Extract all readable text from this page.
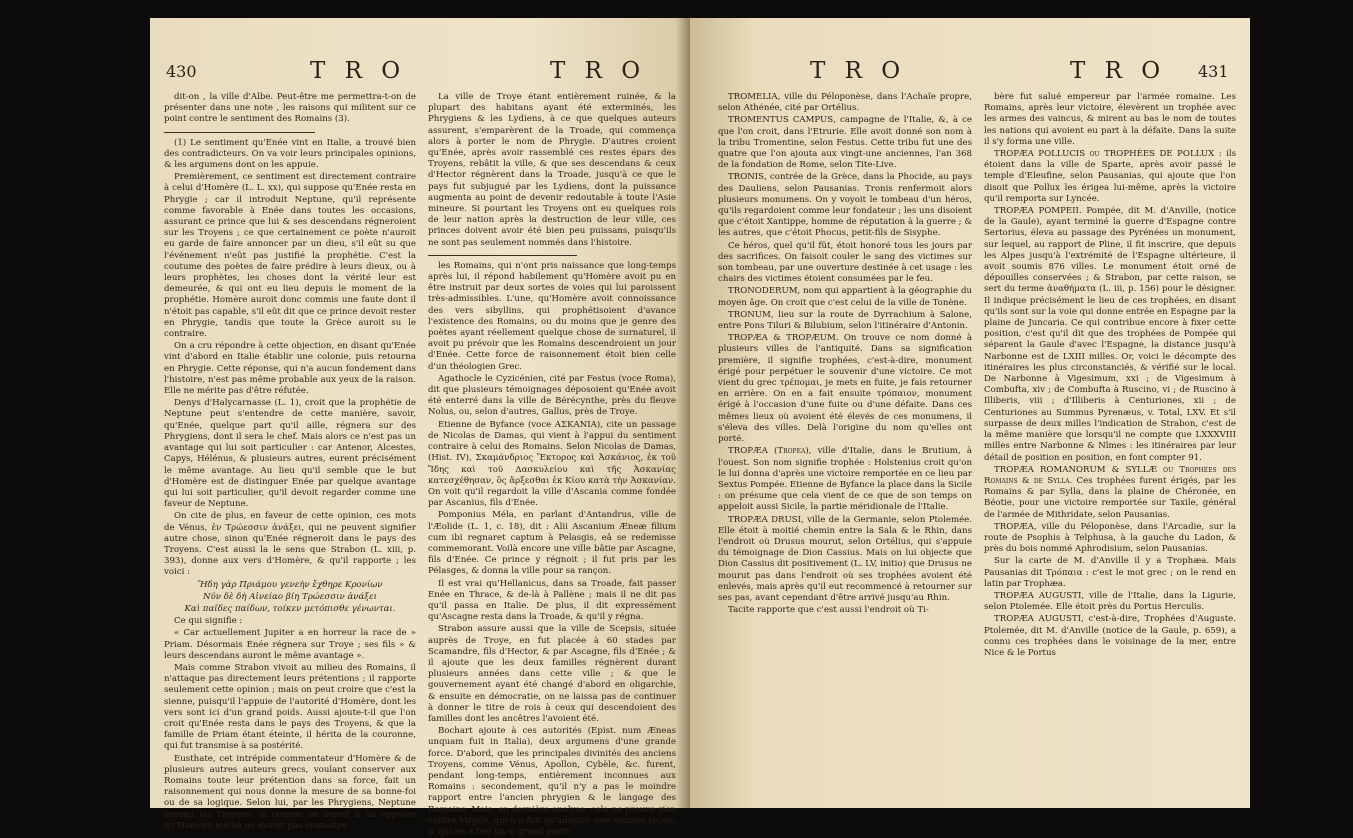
430	T R O	T R O

dit-on , la ville d'Albe. Peut-être me permettra-t-on de présenter dans une note , les raisons qui militent sur ce point contre le sentiment des Romains (3).

(1) Le sentiment qu'Enée vint en Italie, a trouvé bien des contradicteurs. On va voir leurs principales opinions, & les argumens dont on les appuie.

Premièrement, ce sentiment est directement contraire à celui d'Homère (L. L. xx), qui suppose qu'Enée resta en Phrygie ; car il introduit Neptune, qu'il représente comme favorable à Enée dans toutes les occasions, assurant ce prince que lui & ses descendans régneroient sur les Troyens ; ce que certainement ce poète n'auroit eu garde de faire annoncer par un dieu, s'il eût su que l'événement n'eût pas justifié la prophétie. C'est la coutume des poètes de faire prédire à leurs dieux, ou à leurs prophètes, les choses dont la vérité leur est demeurée, & qui ont eu lieu depuis le moment de la prophétie. Homère auroit donc commis une faute dont il n'étoit pas capable, s'il eût dit que ce prince devoit rester en Phrygie, tandis que toute la Grèce auroit su le contraire.

On a cru répondre à cette objection, en disant qu'Enée vint d'abord en Italie établir une colonie, puis retourna en Phrygie. Cette réponse, qui n'a aucun fondement dans l'histoire, n'est pas même probable aux yeux de la raison. Elle ne mérite pas d'être réfutée.

Denys d'Halycarnasse (L. 1), croit que la prophétie de Neptune peut s'entendre de cette manière, savoir, qu'Enée, quelque part qu'il aille, régnera sur des Phrygiens, dont il sera le chef. Mais alors ce n'est pas un avantage qui lui soit particulier : car Antenor, Alcestes, Capys, Hélénus, & plusieurs autres, eurent précisément le même avantage. Au lieu qu'il semble que le but d'Homère est de distinguer Enée par quelque avantage qui lui soit particulier, qu'il devoit regarder comme une faveur de Neptune.

On cite de plus, en faveur de cette opinion, ces mots de Vénus, ἐν Τρώεσσιν ἀνάξει, qui ne peuvent signifier autre chose, sinon qu'Enée régneroit dans le pays des Troyens. C'est aussi la le sens que Strabon (L. xiii, p. 393), donne aux vers d'Homère, & qu'il rapporte ; les voici :

Ἤδη γὰρ Πριάμου γενεὴν ἔχθηρε Κρονίων

Νῦν δὲ δὴ Αἰνείαο βίη Τρώεσσιν ἀνάξει

Καὶ παῖδες παίδων, τοίκεν μετόπισθε γένωνται.

Ce qui signifie :

« Car actuellement Jupiter a en horreur la race de » Priam. Désormais Enée régnera sur Troye ; ses fils » & leurs descendans auront le même avantage ».

Mais comme Strabon vivoit au milieu des Romains, il n'attaque pas directement leurs prétentions ; il rapporte seulement cette opinion ; mais on peut croire que c'est la sienne, puisqu'il l'appuie de l'autorité d'Homère, dont les vers sont ici d'un grand poids. Aussi ajoute-t-il que l'on croit qu'Enée resta dans le pays des Troyens, & que la famille de Priam étant éteinte, il hérita de la couronne, qui fut transmise à sa postérité.

Eusthate, cet intrépide commentateur d'Homère & de plusieurs autres auteurs grecs, voulant conserver aux Romains toute leur prétention dans sa force, fait un raisonnement qui nous donne la mesure de sa bonne-foi ou de sa logique. Selon lui, par les Phrygiens, Neptune entend les Troyens, & comme on auroit à lui opposer qu'Homère même ne devoit pas connoître

La ville de Troye étant entièrement ruinée, & la plupart des habitans ayant été exterminés, les Phrygiens & les Lydiens, à ce que quelques auteurs assurent, s'emparèrent de la Troade, qui commença alors à porter le nom de Phrygie. D'autres croient qu'Enée, après avoir rassemblé ces restes épars des Troyens, rebâtit la ville, & que ses descendans & ceux d'Hector régnèrent dans la Troade, jusqu'à ce que le pays fut subjugué par les Lydiens, dont la puissance augmenta au point de devenir redoutable à toute l'Asie mineure. Si pourtant les Troyens ont eu quelques rois de leur nation après la destruction de leur ville, ces princes doivent avoir été bien peu puissans, puisqu'ils ne sont pas seulement nommés dans l'histoire.

les Romains, qui n'ont pris naissance que long-temps après lui, il répond habilement qu'Homère avoit pu en être instruit par deux sortes de voies qui lui paroissent très-admissibles. L'une, qu'Homère avoit connoissance des vers sibyllins, qui prophétisoient d'avance l'existence des Romains, ou du moins que je genre des poètes ayant réellement quelque chose de surnaturel, il avoit pu prévoir que les Romains descendroient un jour d'Enée. Cette force de raisonnement étoit bien celle d'un théologien Grec.

Agathocle le Cyzicénien, cité par Festus (voce Roma), dit que plusieurs témoignages déposoient qu'Enée avoit été enterré dans la ville de Bérécynthe, près du fleuve Nolus, ou, selon d'autres, Gallus, près de Troye.

Etienne de Byfance (voce ΑΣΚΑΝΙΑ), cite un passage de Nicolas de Damas, qui vient à l'appui du sentiment contraire à celui des Romains. Selon Nicolas de Damas, (Hist. IV), Σκαμάνδριος Ἕκτορος καὶ Ἀσκάνιος, ἐκ τοῦ Ἴδης καὶ τοῦ Δασκυλείου καὶ τῆς Ἀσκανίας κατεσχέθησαν, ὃς ἄρξεσθαι ἐκ Κίου κατὰ τὴν Ἀσκανίαν. On voit qu'il regardoit la ville d'Ascania comme fondée par Ascanius, fils d'Enée.

Pomponius Méla, en parlant d'Antandrus, ville de l'Æolide (L. 1, c. 18), dit : Alii Ascanium Æneæ filium cum ibi regnaret captum à Pelasgis, eâ se redemisse commemorant. Voilà encore une ville bâtie par Ascagne, fils d'Enée. Ce prince y régnoit ; il fut pris par les Pélasges, & donna la ville pour sa rançon.

Il est vrai qu'Hellanicus, dans sa Troade, fait passer Enée en Thrace, & de-là à Pallène ; mais il ne dit pas qu'il passa en Italie. De plus, il dit expressément qu'Ascagne resta dans la Troade, & qu'il y régna.

Strabon assure aussi que la ville de Scepsis, située auprès de Troye, en fut placée à 60 stades par Scamandre, fils d'Hector, & par Ascagne, fils d'Enée ; & il ajoute que les deux familles régnèrent durant plusieurs années dans cette ville ; & que le gouvernement ayant été changé d'abord en oligarchie, & ensuite en démocratie, on ne laissa pas de continuer à donner le titre de rois à ceux qui descendoient des familles dont les ancêtres l'avoient été.

Bochart ajoute à ces autorités (Epist. num Æneas unquam fuit in Italia), deux argumens d'une grande force. D'abord, que les principales divinités des anciens Troyens, comme Vénus, Apollon, Cybèle, &c. furent, pendant long-temps, entièrement inconnues aux Romains : secondement, qu'il n'y a pas le moindre rapport entre l'ancien phrygien & le langage des Romains. Mais, en dernière analyse, cela ne prouve rien contre Virgile, qui n'a fait qu'adopter une opinion reçue, & qui en a tiré un si grand parti.

T R O	T R O 431

TROMELIA, ville du Péloponèse, dans l'Achaïe propre, selon Athénée, cité par Ortélius.

TROMENTUS CAMPUS, campagne de l'Italie, &, à ce que l'on croit, dans l'Etrurie. Elle avoit donné son nom à la tribu Tromentine, selon Festus. Cette tribu fut une des quatre que l'on ajouta aux vingt-une anciennes, l'an 368 de la fondation de Rome, selon Tite-Live.

TRONIS, contrée de la Grèce, dans la Phocide, au pays des Dauliens, selon Pausanias. Tronis renfermoit alors plusieurs monumens. On y voyoit le tombeau d'un héros, qu'ils regardoient comme leur fondateur ; les uns disoient que c'étoit Xantippe, homme de réputation à la guerre ; & les autres, que c'étoit Phocus, petit-fils de Sisyphe.

Ce héros, quel qu'il fût, étoit honoré tous les jours par des sacrifices. On faisoit couler le sang des victimes sur son tombeau, par une ouverture destinée à cet usage : les chairs des victimes étoient consumées par le feu.

TRONODERUM, nom qui appartient à la géographie du moyen âge. On croit que c'est celui de la ville de Tonène.

TRONUM, lieu sur la route de Dyrrachium à Salone, entre Pons Tiluri & Bilubium, selon l'itinéraire d'Antonin.

TROPÆA & TROPÆUM. On trouve ce nom donné à plusieurs villes de l'antiquité. Dans sa signification première, il signifie trophées, c'est-à-dire, monument érigé pour perpétuer le souvenir d'une victoire. Ce mot vient du grec τρέπομαι, je mets en fuite, je fais retourner en arrière. On en a fait ensuite τρόπαιον, monument érigé à l'occasion d'une fuite ou d'une défaite. Dans ces mêmes lieux où avoient été élevés de ces monumens, il s'éleva des villes. Delà l'origine du nom qu'elles ont porté.

TROPÆA (Tropea), ville d'Italie, dans le Brutium, à l'ouest. Son nom signifie trophée : Holstenius croit qu'on le lui donna d'après une victoire remportée en ce lieu par Sextus Pompée. Etienne de Byfance la place dans la Sicile : on présume que cela vient de ce que de son temps on appeloit aussi Sicile, la partie méridionale de l'Italie.

TROPÆA DRUSI, ville de la Germanie, selon Ptolemée. Elle étoit à moitié chemin entre la Sala & le Rhin, dans l'endroit où Drusus mourut, selon Ortélius, qui s'appuie du témoignage de Dion Cassius. Mais on lui objecte que Dion Cassius dit positivement (L. LV, initio) que Drusus ne mourut pas dans l'endroit où ses trophées avoient été enlevés, mais après qu'il eut recommencé à retourner sur ses pas, avant cependant d'être arrivé jusqu'au Rhin.

Tacite rapporte que c'est aussi l'endroit où Ti-

bère fut salué empereur par l'armée romaine. Les Romains, après leur victoire, élevèrent un trophée avec les armes des vaincus, & mirent au bas le nom de toutes les nations qui avoient eu part à la défaite. Dans la suite il s'y forma une ville.

TROPÆA POLLUCIS ou TROPHÉES DE POLLUX : ils étoient dans la ville de Sparte, après avoir passé le temple d'Eleufine, selon Pausanias, qui ajoute que l'on disoit que Pollux les érigea lui-même, après la victoire qu'il remporta sur Lyncée.

TROPÆA POMPEII. Pompée, dit M. d'Anville, (notice de la Gaule), ayant terminé la guerre d'Espagne contre Sertorius, éleva au passage des Pyrénées un monument, sur lequel, au rapport de Pline, il fit inscrire, que depuis les Alpes jusqu'à l'extrémité de l'Espagne ultérieure, il avoit soumis 876 villes. Le monument étoit orné de dépouilles conservées ; & Strabon, par cette raison, se sert du terme ἀναθήματα (L. iii, p. 156) pour le désigner. Il indique précisément le lieu de ces trophées, en disant qu'ils sont sur la voie qui donne entrée en Espagne par la plaine de Juncaria. Ce qui contribue encore à fixer cette position, c'est qu'il dit que des trophées de Pompée qui séparent la Gaule d'avec l'Espagne, la distance jusqu'à Narbonne est de LXIII milles. Or, voici le décompte des itinéraires les plus circonstanciés, & vérifié sur le local. De Narbonne à Vigesimum, xxi ; de Vigesimum à Combufta, xiv ; de Combufta à Ruscino, vi ; de Ruscino à Illiberis, viii ; d'Illiberis à Centuriones, xii ; de Centuriones au Summus Pyrenæus, v. Total, LXV. Et s'il surpasse de deux milles l'indication de Strabon, c'est de la même manière que lorsqu'il ne compte que LXXXVIII milles entre Narbonne & Nîmes : les itinéraires par leur détail de position en position, en font compter 91.

TROPÆA ROMANORUM & SYLLÆ ou Trophées des Romains & de Sylla. Ces trophées furent érigés, par les Romains & par Sylla, dans la plaine de Chéronée, en Béotie, pour une victoire remportée sur Taxile, général de l'armée de Mithridate, selon Pausanias.

TROPÆA, ville du Péloponèse, dans l'Arcadie, sur la route de Psophis à Telphusa, à la gauche du Ladon, & près du bois nommé Aphrodisium, selon Pausanias.

Sur la carte de M. d'Anville il y a Trophæa. Mais Pausanias dit Τρόπαια : c'est le mot grec ; on le rend en latin par Trophæa.

TROPÆA AUGUSTI, ville de l'Italie, dans la Ligurie, selon Ptolemée. Elle étoit près du Portus Herculis.

TROPÆA AUGUSTI, c'est-à-dire, Trophées d'Auguste. Ptolemée, dit M. d'Anville (notice de la Gaule, p. 659), a connu ces trophées dans le voisinage de la mer, entre Nice & le Portus
